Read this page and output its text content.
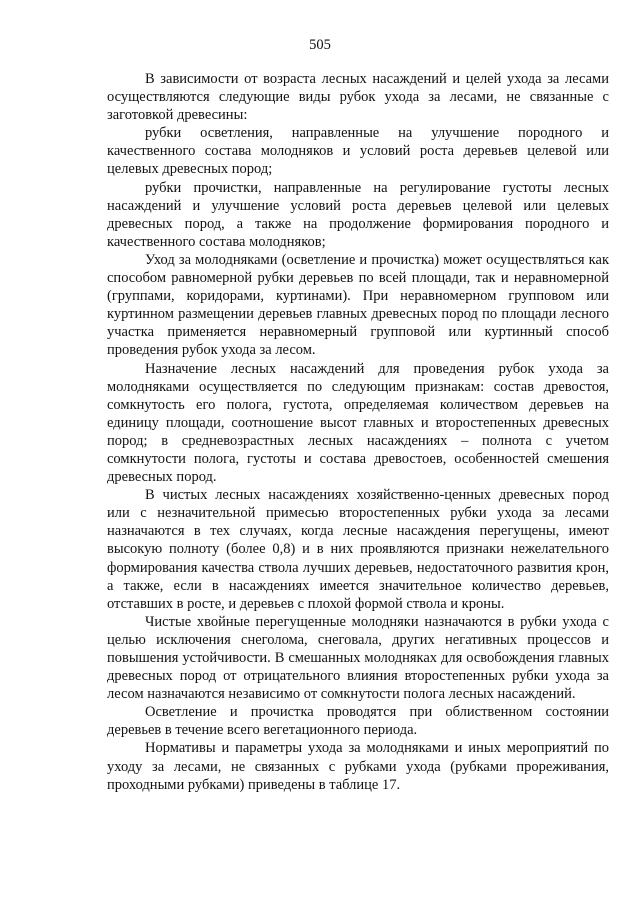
505

В зависимости от возраста лесных насаждений и целей ухода за лесами осуществляются следующие виды рубок ухода за лесами, не связанные с заготовкой древесины:

рубки осветления, направленные на улучшение породного и качественного состава молодняков и условий роста деревьев целевой или целевых древесных пород;

рубки прочистки, направленные на регулирование густоты лесных насаждений и улучшение условий роста деревьев целевой или целевых древесных пород, а также на продолжение формирования породного и качественного состава молодняков;

Уход за молодняками (осветление и прочистка) может осуществляться как способом равномерной рубки деревьев по всей площади, так и неравномерной (группами, коридорами, куртинами). При неравномерном групповом или куртинном размещении деревьев главных древесных пород по площади лесного участка применяется неравномерный групповой или куртинный способ проведения рубок ухода за лесом.

Назначение лесных насаждений для проведения рубок ухода за молодняками осуществляется по следующим признакам: состав древостоя, сомкнутость его полога, густота, определяемая количеством деревьев на единицу площади, соотношение высот главных и второстепенных древесных пород; в средневозрастных лесных насаждениях – полнота с учетом сомкнутости полога, густоты и состава древостоев, особенностей смешения древесных пород.

В чистых лесных насаждениях хозяйственно-ценных древесных пород или с незначительной примесью второстепенных рубки ухода за лесами назначаются в тех случаях, когда лесные насаждения перегущены, имеют высокую полноту (более 0,8) и в них проявляются признаки нежелательного формирования качества ствола лучших деревьев, недостаточного развития крон, а также, если в насаждениях имеется значительное количество деревьев, отставших в росте, и деревьев с плохой формой ствола и кроны.

Чистые хвойные перегущенные молодняки назначаются в рубки ухода с целью исключения снеголома, снеговала, других негативных процессов и повышения устойчивости. В смешанных молодняках для освобождения главных древесных пород от отрицательного влияния второстепенных рубки ухода за лесом назначаются независимо от сомкнутости полога лесных насаждений.

Осветление и прочистка проводятся при облиственном состоянии деревьев в течение всего вегетационного периода.

Нормативы и параметры ухода за молодняками и иных мероприятий по уходу за лесами, не связанных с рубками ухода (рубками прореживания, проходными рубками) приведены в таблице 17.
